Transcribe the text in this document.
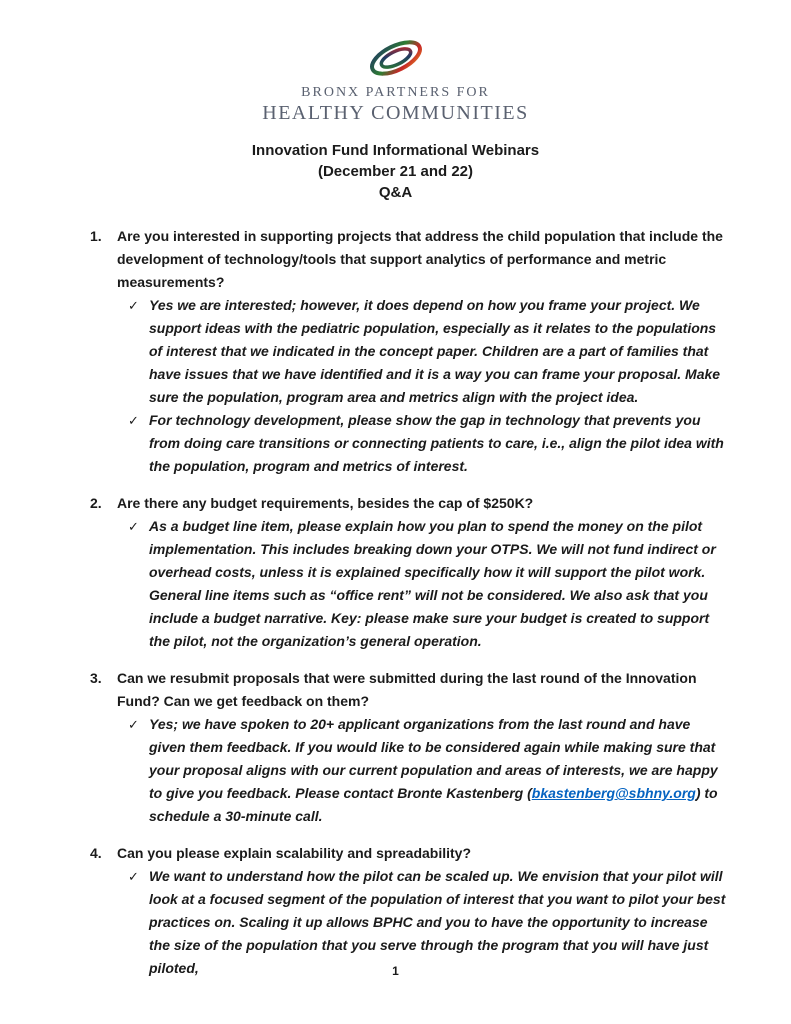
BRONX PARTNERS FOR
HEALTHY COMMUNITIES
Innovation Fund Informational Webinars
(December 21 and 22)
Q&A
1.	Are you interested in supporting projects that address the child population that include the development of technology/tools that support analytics of performance and metric measurements?
✓ Yes we are interested; however, it does depend on how you frame your project. We support ideas with the pediatric population, especially as it relates to the populations of interest that we indicated in the concept paper. Children are a part of families that have issues that we have identified and it is a way you can frame your proposal. Make sure the population, program area and metrics align with the project idea.
✓ For technology development, please show the gap in technology that prevents you from doing care transitions or connecting patients to care, i.e., align the pilot idea with the population, program and metrics of interest.
2.	Are there any budget requirements, besides the cap of $250K?
✓ As a budget line item, please explain how you plan to spend the money on the pilot implementation. This includes breaking down your OTPS. We will not fund indirect or overhead costs, unless it is explained specifically how it will support the pilot work. General line items such as “office rent” will not be considered. We also ask that you include a budget narrative. Key: please make sure your budget is created to support the pilot, not the organization’s general operation.
3.	Can we resubmit proposals that were submitted during the last round of the Innovation Fund? Can we get feedback on them?
✓ Yes; we have spoken to 20+ applicant organizations from the last round and have given them feedback. If you would like to be considered again while making sure that your proposal aligns with our current population and areas of interests, we are happy to give you feedback. Please contact Bronte Kastenberg (bkastenberg@sbhny.org) to schedule a 30-minute call.
4.	Can you please explain scalability and spreadability?
✓ We want to understand how the pilot can be scaled up. We envision that your pilot will look at a focused segment of the population of interest that you want to pilot your best practices on. Scaling it up allows BPHC and you to have the opportunity to increase the size of the population that you serve through the program that you will have just piloted,	1
